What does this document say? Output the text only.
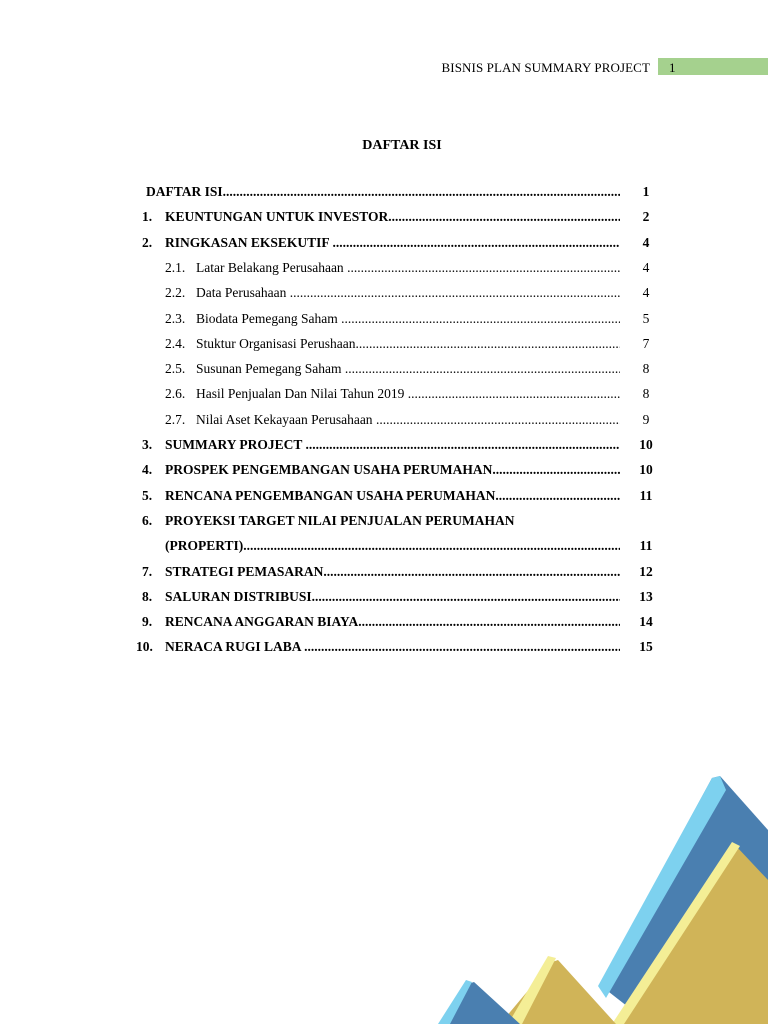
BISNIS PLAN SUMMARY PROJECT 1
DAFTAR ISI
DAFTAR ISI .....	1
1. KEUNTUNGAN UNTUK INVESTOR .....	2
2. RINGKASAN EKSEKUTIF .....	4
2.1. Latar Belakang Perusahaan .....	4
2.2. Data Perusahaan .....	4
2.3. Biodata Pemegang Saham .....	5
2.4. Stuktur Organisasi Perushaan .....	7
2.5. Susunan Pemegang Saham .....	8
2.6. Hasil Penjualan Dan Nilai Tahun 2019 .....	8
2.7. Nilai Aset Kekayaan Perusahaan .....	9
3. SUMMARY PROJECT .....	10
4. PROSPEK PENGEMBANGAN USAHA PERUMAHAN .....	10
5. RENCANA PENGEMBANGAN USAHA PERUMAHAN .....	11
6. PROYEKSI TARGET NILAI PENJUALAN PERUMAHAN
(PROPERTI) .....	11
7. STRATEGI PEMASARAN .....	12
8. SALURAN DISTRIBUSI .....	13
9. RENCANA ANGGARAN BIAYA .....	14
10. NERACA RUGI LABA .....	15
